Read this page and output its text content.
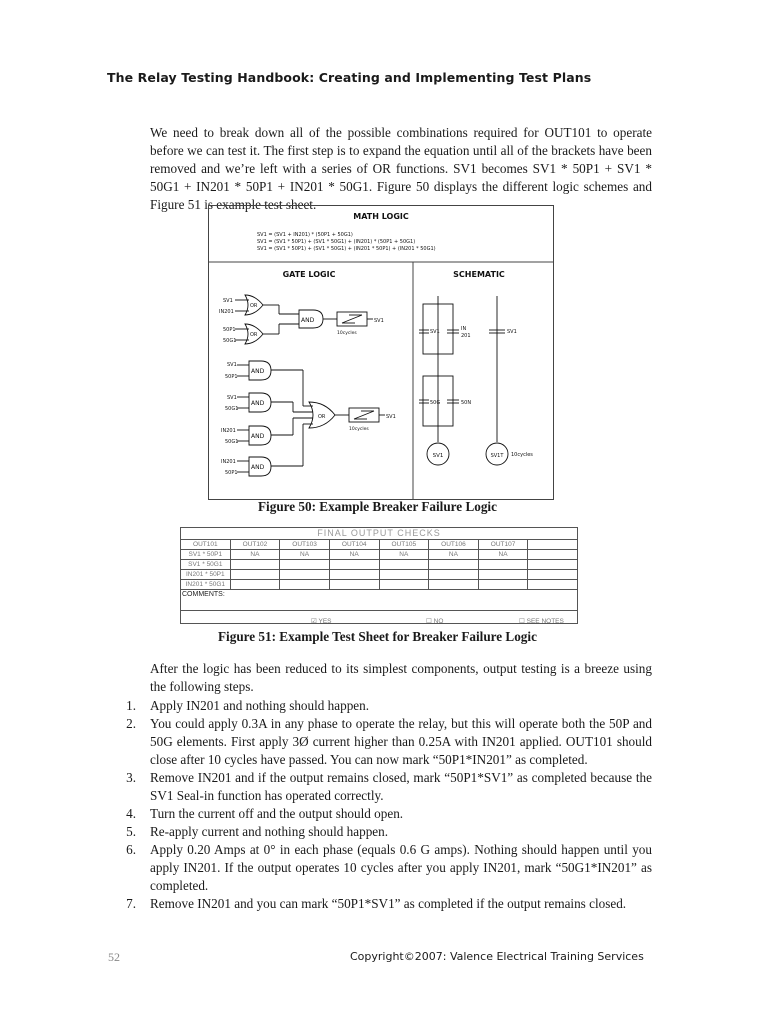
The Relay Testing Handbook: Creating and Implementing Test Plans
We need to break down all of the possible combinations required for OUT101 to operate before we can test it. The first step is to expand the equation until all of the brackets have been removed and we’re left with a series of OR functions. SV1 becomes SV1 * 50P1 + SV1 * 50G1 + IN201 * 50P1 + IN201 * 50G1. Figure 50 displays the different logic schemes and Figure 51 is example test sheet.
MATH LOGIC
SV1 = (SV1 + IN201) * (50P1 + 50G1)
SV1 = (SV1 * 50P1) + (SV1 * 50G1) + (IN201) * (50P1 + 50G1)
SV1 = (SV1 * 50P1) + (SV1 * 50G1) + (IN201 * 50P1) + (IN201 * 50G1)
GATE LOGIC	SCHEMATIC
SV1
IN201
OR
50P1
50G1
OR
AND	SV1
10cycles
SV1
50P1
AND
SV1
50G1
AND
IN201
50G1
AND
IN201
50P1
AND
OR	SV1
10cycles
SV1	IN
201
50G	50N
SV1
SV1
SV1T 10cycles
Figure 50: Example Breaker Failure Logic
FINAL OUTPUT CHECKS							
OUT101	OUT102	OUT103	OUT104	OUT105	OUT106	OUT107	
SV1 * 50P1	NA	NA	NA	NA	NA	NA	
SV1 * 50G1							
IN201 * 50P1							
IN201 * 50G1							
COMMENTS:							

☑ YES ☐ NO ☐ SEE NOTES							
Figure 51: Example Test Sheet for Breaker Failure Logic
After the logic has been reduced to its simplest components, output testing is a breeze using the following steps.
1. Apply IN201 and nothing should happen.
2. You could apply 0.3A in any phase to operate the relay, but this will operate both the 50P and 50G elements. First apply 3Ø current higher than 0.25A with IN201 applied. OUT101 should close after 10 cycles have passed. You can now mark “50P1*IN201” as completed.
3. Remove IN201 and if the output remains closed, mark “50P1*SV1” as completed because the SV1 Seal-in function has operated correctly.
4. Turn the current off and the output should open.
5. Re-apply current and nothing should happen.
6. Apply 0.20 Amps at 0° in each phase (equals 0.6 G amps). Nothing should happen until you apply IN201. If the output operates 10 cycles after you apply IN201, mark “50G1*IN201” as completed.
7. Remove IN201 and you can mark “50P1*SV1” as completed if the output remains closed.
52	Copyright©2007: Valence Electrical Training Services
